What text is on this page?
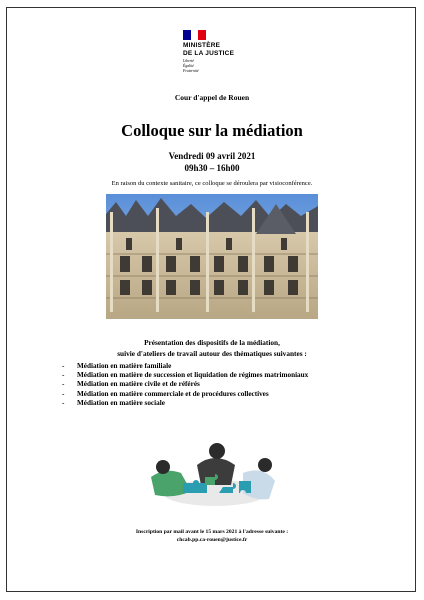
MINISTÈRE
DE LA JUSTICE
Liberté
Égalité
Fraternité
Cour d'appel de Rouen
Colloque sur la médiation
Vendredi 09 avril 2021
09h30 – 16h00
En raison du contexte sanitaire, ce colloque se déroulera par visioconférence.
Présentation des dispositifs de la médiation,
suivie d'ateliers de travail autour des thématiques suivantes :
-	Médiation en matière familiale
-	Médiation en matière de succession et liquidation de régimes matrimoniaux
-	Médiation en matière civile et de référés
-	Médiation en matière commerciale et de procédures collectives
-	Médiation en matière sociale
Inscription par mail avant le 15 mars 2021 à l'adresse suivante :
chcab.pp.ca-rouen@justice.fr
